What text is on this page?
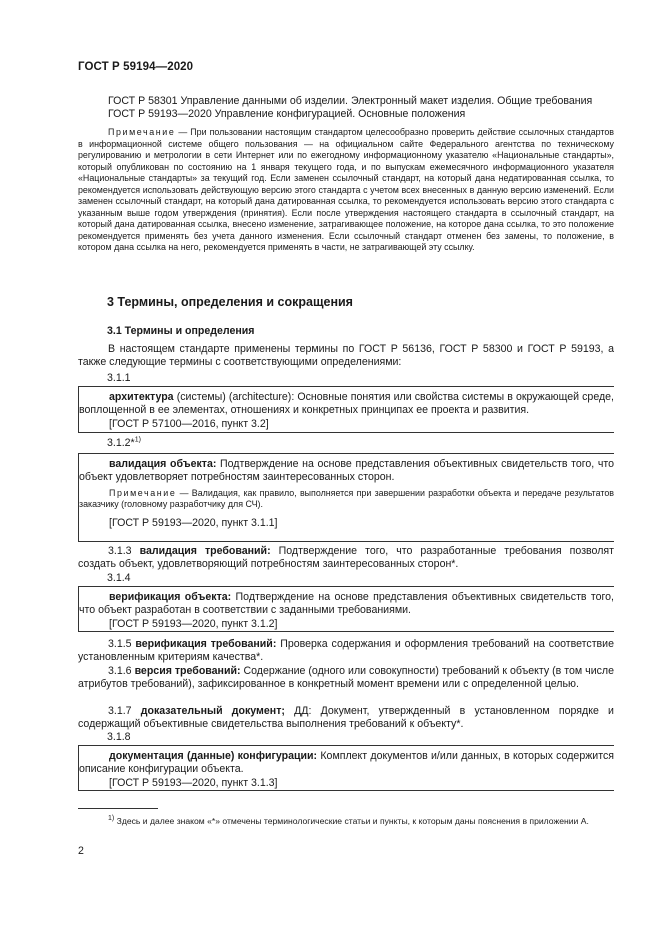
ГОСТ Р 59194—2020
ГОСТ Р 58301 Управление данными об изделии. Электронный макет изделия. Общие требования
ГОСТ Р 59193—2020 Управление конфигурацией. Основные положения
Примечание — При пользовании настоящим стандартом целесообразно проверить действие ссылочных стандартов в информационной системе общего пользования — на официальном сайте Федерального агентства по техническому регулированию и метрологии в сети Интернет или по ежегодному информационному указателю «Национальные стандарты», который опубликован по состоянию на 1 января текущего года, и по выпускам ежемесячного информационного указателя «Национальные стандарты» за текущий год. Если заменен ссылочный стандарт, на который дана недатированная ссылка, то рекомендуется использовать действующую версию этого стандарта с учетом всех внесенных в данную версию изменений. Если заменен ссылочный стандарт, на который дана датированная ссылка, то рекомендуется использовать версию этого стандарта с указанным выше годом утверждения (принятия). Если после утверждения настоящего стандарта в ссылочный стандарт, на который дана датированная ссылка, внесено изменение, затрагивающее положение, на которое дана ссылка, то это положение рекомендуется применять без учета данного изменения. Если ссылочный стандарт отменен без замены, то положение, в котором дана ссылка на него, рекомендуется применять в части, не затрагивающей эту ссылку.
3 Термины, определения и сокращения
3.1 Термины и определения
В настоящем стандарте применены термины по ГОСТ Р 56136, ГОСТ Р 58300 и ГОСТ Р 59193, а также следующие термины с соответствующими определениями:
3.1.1
архитектура (системы) (architecture): Основные понятия или свойства системы в окружающей среде, воплощенной в ее элементах, отношениях и конкретных принципах ее проекта и развития.
[ГОСТ Р 57100—2016, пункт 3.2]
3.1.2*$^{1)}$
валидация объекта: Подтверждение на основе представления объективных свидетельств того, что объект удовлетворяет потребностям заинтересованных сторон.
Примечание — Валидация, как правило, выполняется при завершении разработки объекта и передаче результатов заказчику (головному разработчику для СЧ).
[ГОСТ Р 59193—2020, пункт 3.1.1]
3.1.3 валидация требований: Подтверждение того, что разработанные требования позволят создать объект, удовлетворяющий потребностям заинтересованных сторон*.
3.1.4
верификация объекта: Подтверждение на основе представления объективных свидетельств того, что объект разработан в соответствии с заданными требованиями.
[ГОСТ Р 59193—2020, пункт 3.1.2]
3.1.5 верификация требований: Проверка содержания и оформления требований на соответствие установленным критериям качества*.
3.1.6 версия требований: Содержание (одного или совокупности) требований к объекту (в том числе атрибутов требований), зафиксированное в конкретный момент времени или с определенной целью.
3.1.7 доказательный документ; ДД: Документ, утвержденный в установленном порядке и содержащий объективные свидетельства выполнения требований к объекту*.
3.1.8
документация (данные) конфигурации: Комплект документов и/или данных, в которых содержится описание конфигурации объекта.
[ГОСТ Р 59193—2020, пункт 3.1.3]
$^{1)}$ Здесь и далее знаком «*» отмечены терминологические статьи и пункты, к которым даны пояснения в приложении А.
2
